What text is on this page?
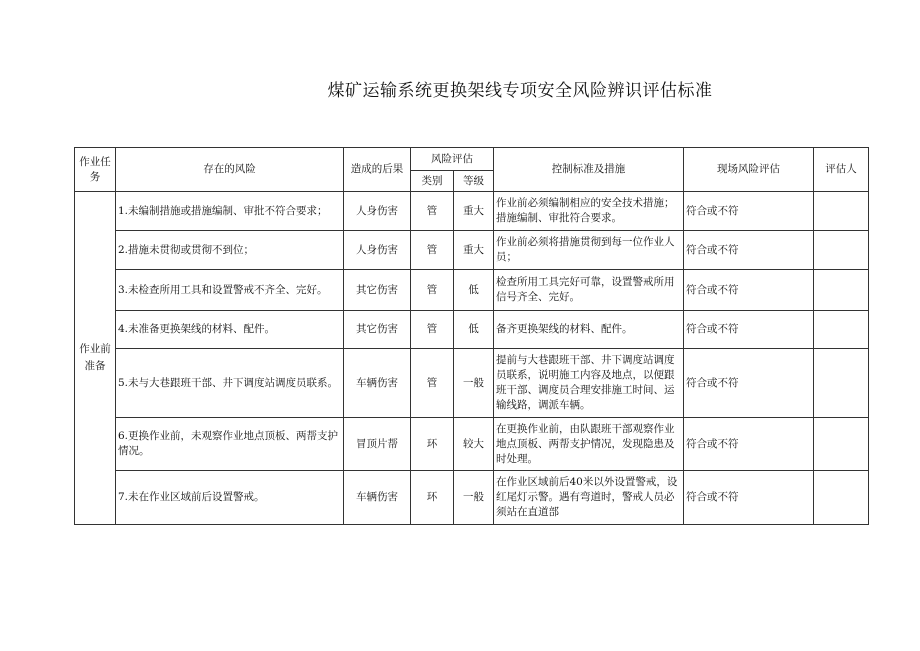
煤矿运输系统更换架线专项安全风险辨识评估标准
作业任务	存在的风险	造成的后果	风险评估		控制标准及措施	现场风险评估	评估人
			类别	等级			
作业前准备	1.未编制措施或措施编制、审批不符合要求；	人身伤害	管	重大	作业前必须编制相应的安全技术措施；措施编制、审批符合要求。	符合或不符	
	2.措施未贯彻或贯彻不到位；	人身伤害	管	重大	作业前必须将措施贯彻到每一位作业人员；	符合或不符	
	3.未检查所用工具和设置警戒不齐全、完好。	其它伤害	管	低	检查所用工具完好可靠，设置警戒所用信号齐全、完好。	符合或不符	
	4.未准备更换架线的材料、配件。	其它伤害	管	低	备齐更换架线的材料、配件。	符合或不符	
	5.未与大巷跟班干部、井下调度站调度员联系。	车辆伤害	管	一般	提前与大巷跟班干部、井下调度站调度员联系，说明施工内容及地点，以便跟班干部、调度员合理安排施工时间、运输线路，调派车辆。	符合或不符	
	6.更换作业前，未观察作业地点顶板、两帮支护情况。	冒顶片帮	环	较大	在更换作业前，由队跟班干部观察作业地点顶板、两帮支护情况，发现隐患及时处理。	符合或不符	
	7.未在作业区域前后设置警戒。	车辆伤害	环	一般	在作业区域前后40米以外设置警戒，设红尾灯示警。遇有弯道时，警戒人员必须站在直道部	符合或不符	
